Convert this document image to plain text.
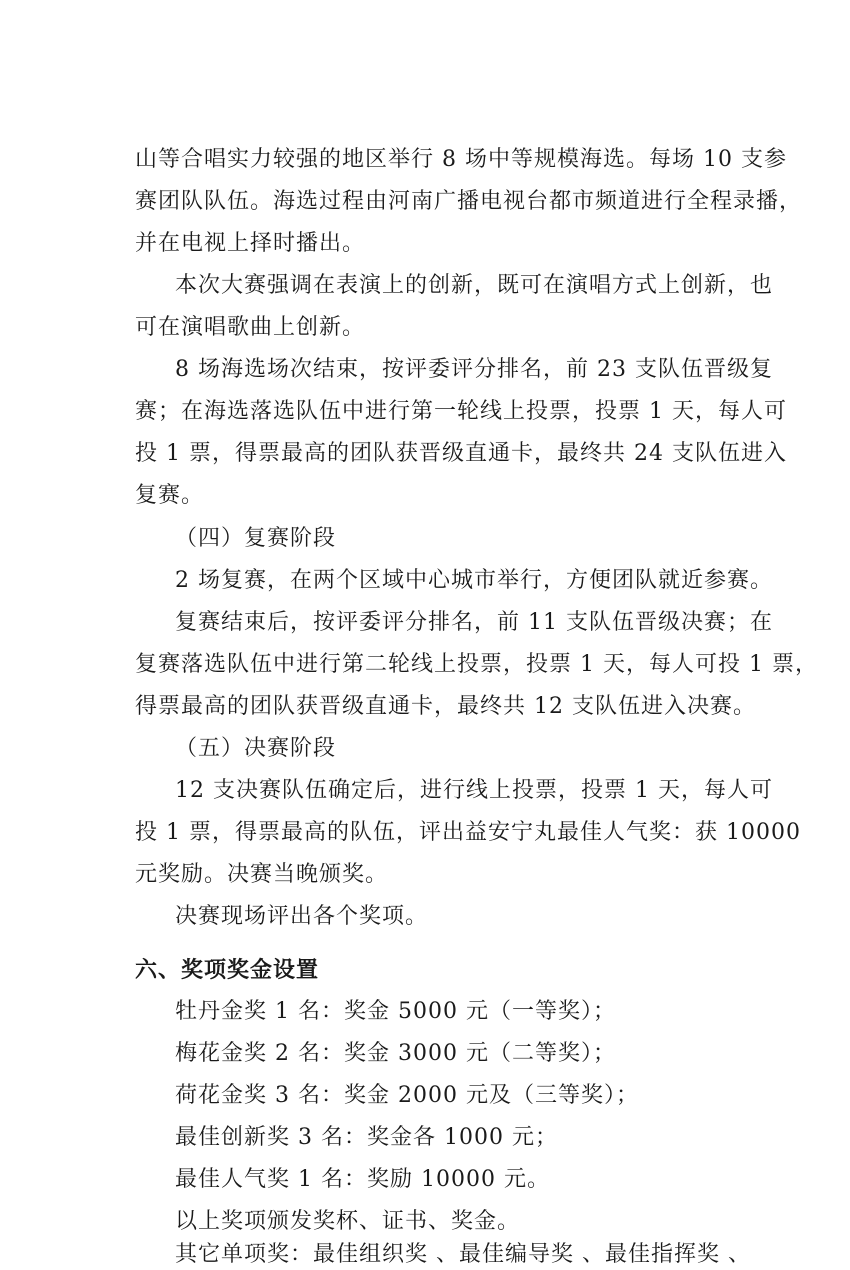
山等合唱实力较强的地区举行 8 场中等规模海选。每场 10 支参
赛团队队伍。海选过程由河南广播电视台都市频道进行全程录播，
并在电视上择时播出。
本次大赛强调在表演上的创新，既可在演唱方式上创新，也
可在演唱歌曲上创新。
8 场海选场次结束，按评委评分排名，前 23 支队伍晋级复
赛；在海选落选队伍中进行第一轮线上投票，投票 1 天，每人可
投 1 票，得票最高的团队获晋级直通卡，最终共 24 支队伍进入
复赛。
（四）复赛阶段
2 场复赛，在两个区域中心城市举行，方便团队就近参赛。
复赛结束后，按评委评分排名，前 11 支队伍晋级决赛；在
复赛落选队伍中进行第二轮线上投票，投票 1 天，每人可投 1 票，
得票最高的团队获晋级直通卡，最终共 12 支队伍进入决赛。
（五）决赛阶段
12 支决赛队伍确定后，进行线上投票，投票 1 天，每人可
投 1 票，得票最高的队伍，评出益安宁丸最佳人气奖：获 10000
元奖励。决赛当晚颁奖。
决赛现场评出各个奖项。
六、奖项奖金设置
牡丹金奖 1 名：奖金 5000 元（一等奖）；
梅花金奖 2 名：奖金 3000 元（二等奖）；
荷花金奖 3 名：奖金 2000 元及（三等奖）；
最佳创新奖 3 名：奖金各 1000 元；
最佳人气奖 1 名：奖励 10000 元。
以上奖项颁发奖杯、证书、奖金。
其它单项奖：最佳组织奖 、最佳编导奖 、最佳指挥奖 、
